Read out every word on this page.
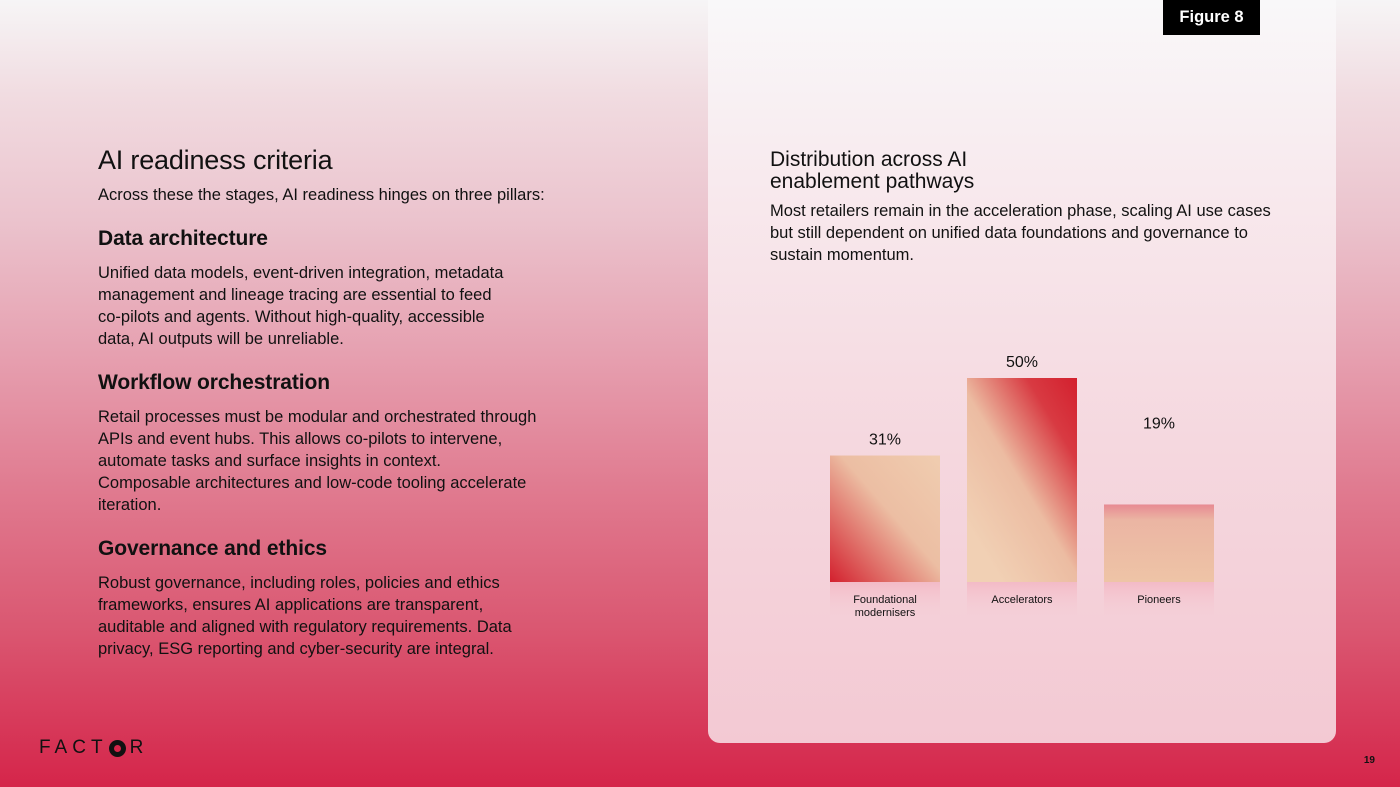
AI readiness criteria

Across these the stages, AI readiness hinges on three pillars:

Data architecture

Unified data models, event-driven integration, metadata management and lineage tracing are essential to feed co-pilots and agents. Without high-quality, accessible data, AI outputs will be unreliable.

Workflow orchestration

Retail processes must be modular and orchestrated through APIs and event hubs. This allows co-pilots to intervene, automate tasks and surface insights in context. Composable architectures and low-code tooling accelerate iteration.

Governance and ethics

Robust governance, including roles, policies and ethics frameworks, ensures AI applications are transparent, auditable and aligned with regulatory requirements. Data privacy, ESG reporting and cyber-security are integral.

FACT R
19
Figure 8
Distribution across AI enablement pathways
Most retailers remain in the acceleration phase, scaling AI use cases but still dependent on unified data foundations and governance to sustain momentum.
31%
Foundational modernisers
50%
Accelerators
19%
Pioneers
